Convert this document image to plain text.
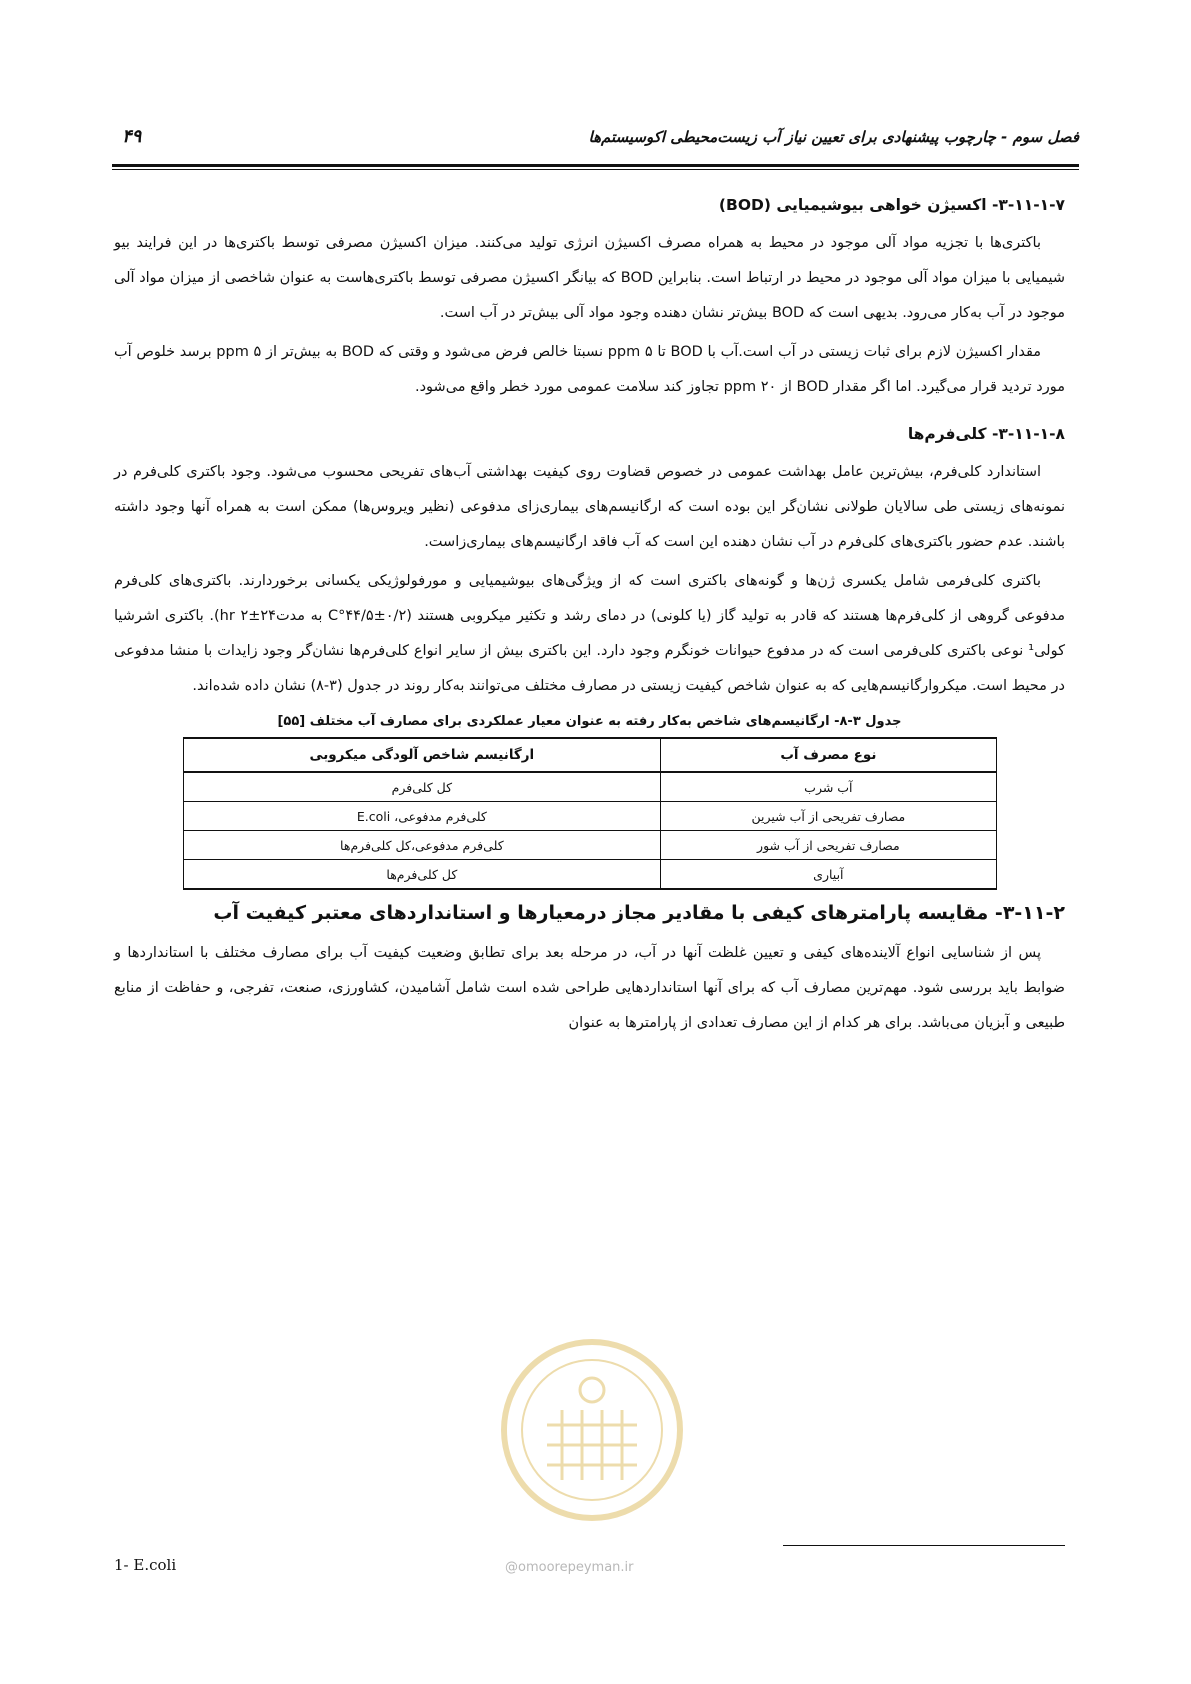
فصل سوم - چارچوب پیشنهادی برای تعیین نیاز آب زیست‌محیطی اکوسیستم‌ها
۴۹
۳-۱۱-۱-۷- اکسیژن خواهی بیوشیمیایی (BOD)

باکتری‌ها با تجزیه مواد آلی موجود در محیط به همراه مصرف اکسیژن انرژی تولید می‌کنند. میزان اکسیژن مصرفی توسط باکتری‌ها در این فرایند بیو شیمیایی با میزان مواد آلی موجود در محیط در ارتباط است. بنابراین BOD که بیانگر اکسیژن مصرفی توسط باکتری‌هاست به عنوان شاخصی از میزان مواد آلی موجود در آب به‌کار می‌رود. بدیهی است که BOD بیش‌تر نشان دهنده وجود مواد آلی بیش‌تر در آب است.

مقدار اکسیژن لازم برای ثبات زیستی در آب است.آب با BOD تا ۵ ppm نسبتا خالص فرض می‌شود و وقتی که BOD به بیش‌تر از ۵ ppm برسد خلوص آب مورد تردید قرار می‌گیرد. اما اگر مقدار BOD از ۲۰ ppm تجاوز کند سلامت عمومی مورد خطر واقع می‌شود.

۳-۱۱-۱-۸- کلی‌فرم‌ها

استاندارد کلی‌فرم، بیش‌ترین عامل بهداشت عمومی در خصوص قضاوت روی کیفیت بهداشتی آب‌های تفریحی محسوب می‌شود. وجود باکتری کلی‌فرم در نمونه‌های زیستی طی سالایان طولانی نشان‌گر این بوده است که ارگانیسم‌های بیماری‌زای مدفوعی (نظیر ویروس‌ها) ممکن است به همراه آنها وجود داشته باشند. عدم حضور باکتری‌های کلی‌فرم در آب نشان دهنده این است که آب فاقد ارگانیسم‌های بیماری‌زاست.

باکتری کلی‌فرمی شامل یکسری ژن‌ها و گونه‌های باکتری است که از ویژگی‌های بیوشیمیایی و مورفولوژیکی یکسانی برخوردارند. باکتری‌های کلی‌فرم مدفوعی گروهی از کلی‌فرم‌ها هستند که قادر به تولید گاز (یا کلونی) در دمای رشد و تکثیر میکروبی هستند (C°۴۴/۵±۰/۲ به مدت۲۴±۲ hr). باکتری اشرشیا کولی¹ نوعی باکتری کلی‌فرمی است که در مدفوع حیوانات خونگرم وجود دارد. این باکتری بیش از سایر انواع کلی‌فرم‌ها نشان‌گر وجود زایدات با منشا مدفوعی در محیط است. میکروارگانیسم‌هایی که به عنوان شاخص کیفیت زیستی در مصارف مختلف می‌توانند به‌کار روند در جدول (۳-۸) نشان داده شده‌اند.

جدول ۳-۸- ارگانیسم‌های شاخص به‌کار رفته به عنوان معیار عملکردی برای مصارف آب مختلف [۵۵]
نوع مصرف آب	ارگانیسم شاخص آلودگی میکروبی
آب شرب	کل کلی‌فرم
مصارف تفریحی از آب شیرین	کلی‌فرم مدفوعی، E.coli
مصارف تفریحی از آب شور	کلی‌فرم مدفوعی،کل کلی‌فرم‌ها
آبیاری	کل کلی‌فرم‌ها
۳-۱۱-۲- مقایسه پارامترهای کیفی با مقادیر مجاز درمعیارها و استانداردهای معتبر کیفیت آب

پس از شناسایی انواع آلاینده‌های کیفی و تعیین غلظت آنها در آب، در مرحله بعد برای تطابق وضعیت کیفیت آب برای مصارف مختلف با استانداردها و ضوابط باید بررسی شود. مهم‌ترین مصارف آب که برای آنها استانداردهایی طراحی شده است شامل آشامیدن، کشاورزی، صنعت، تفرجی، و حفاظت از منابع طبیعی و آبزیان می‌باشد. برای هر کدام از این مصارف تعدادی از پارامترها به عنوان

@omoorepeyman.ir
1- E.coli
